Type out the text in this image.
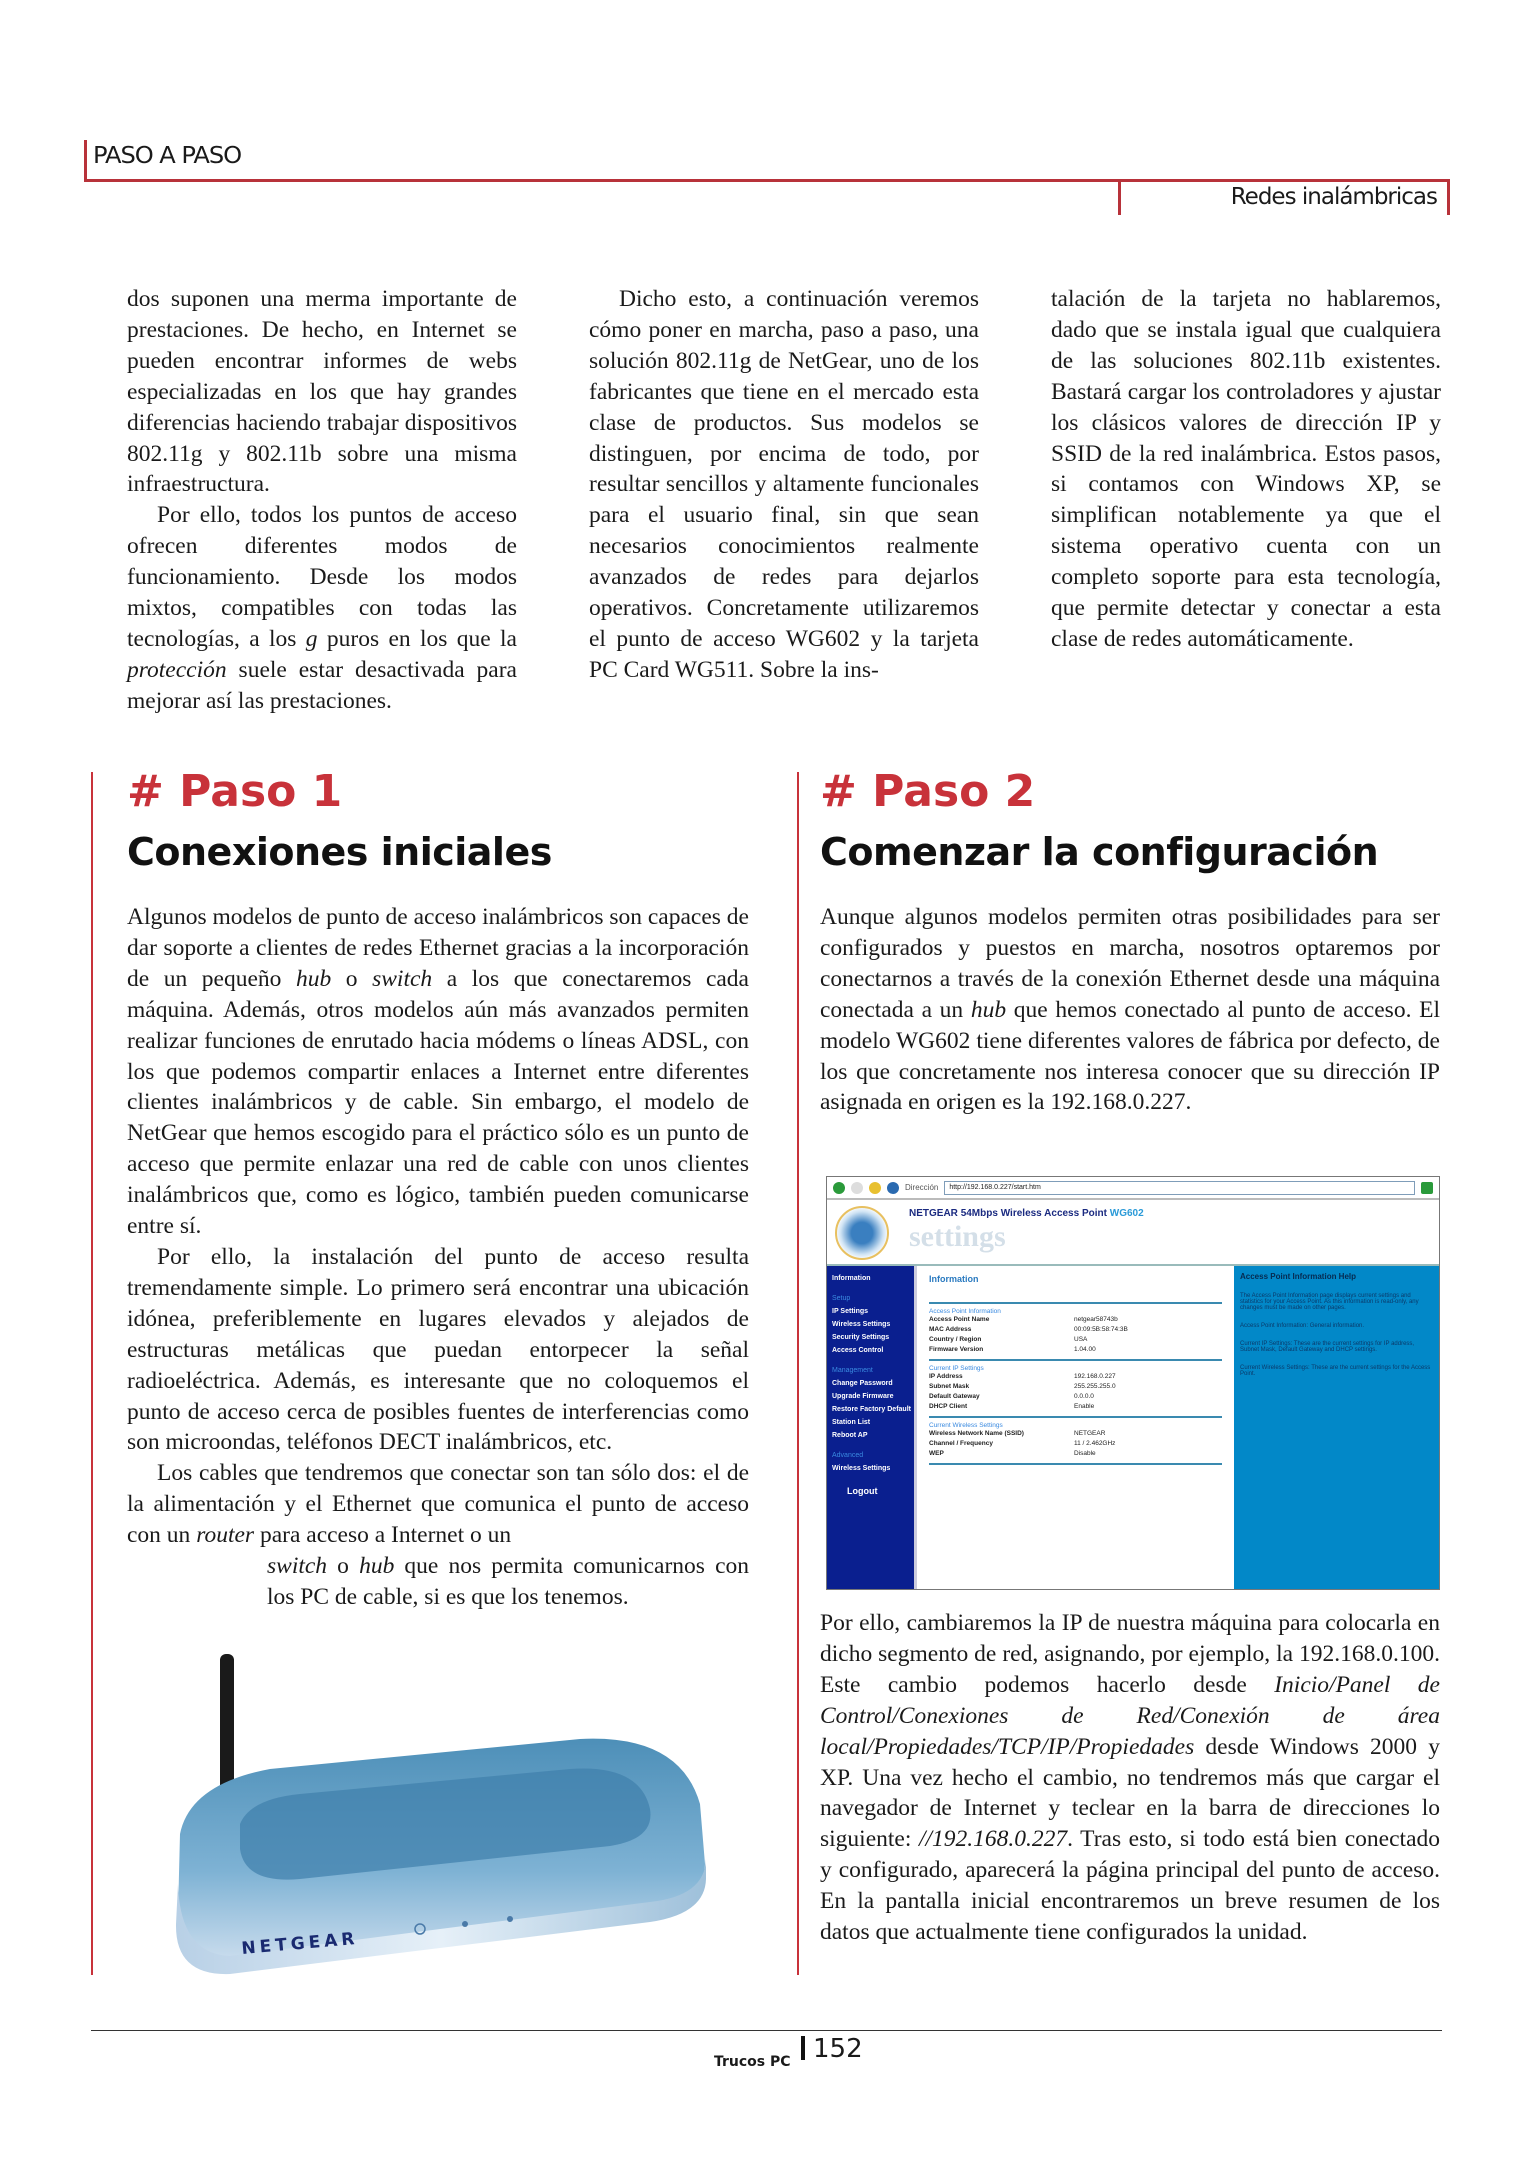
PASO A PASO
Redes inalámbricas

dos suponen una merma importante de prestaciones. De hecho, en Internet se pueden encontrar informes de webs especializadas en los que hay grandes diferencias haciendo trabajar dispositivos 802.11g y 802.11b sobre una misma infraestructura.

Por ello, todos los puntos de acceso ofrecen diferentes modos de funcionamiento. Desde los modos mixtos, compatibles con todas las tecnologías, a los g puros en los que la protección suele estar desactivada para mejorar así las prestaciones.

Dicho esto, a continuación veremos cómo poner en marcha, paso a paso, una solución 802.11g de NetGear, uno de los fabricantes que tiene en el mercado esta clase de productos. Sus modelos se distinguen, por encima de todo, por resultar sencillos y altamente funcionales para el usuario final, sin que sean necesarios conocimientos realmente avanzados de redes para dejarlos operativos. Concretamente utilizaremos el punto de acceso WG602 y la tarjeta PC Card WG511. Sobre la ins-

talación de la tarjeta no hablaremos, dado que se instala igual que cualquiera de las soluciones 802.11b existentes. Bastará cargar los controladores y ajustar los clásicos valores de dirección IP y SSID de la red inalámbrica. Estos pasos, si contamos con Windows XP, se simplifican notablemente ya que el sistema operativo cuenta con un completo soporte para esta tecnología, que permite detectar y conectar a esta clase de redes automáticamente.

# Paso 1
Conexiones iniciales

Algunos modelos de punto de acceso inalámbricos son capaces de dar soporte a clientes de redes Ethernet gracias a la incorporación de un pequeño hub o switch a los que conectaremos cada máquina. Además, otros modelos aún más avanzados permiten realizar funciones de enrutado hacia módems o líneas ADSL, con los que podemos compartir enlaces a Internet entre diferentes clientes inalámbricos y de cable. Sin embargo, el modelo de NetGear que hemos escogido para el práctico sólo es un punto de acceso que permite enlazar una red de cable con unos clientes inalámbricos que, como es lógico, también pueden comunicarse entre sí.

Por ello, la instalación del punto de acceso resulta tremendamente simple. Lo primero será encontrar una ubicación idónea, preferiblemente en lugares elevados y alejados de estructuras metálicas que puedan entorpecer la señal radioeléctrica. Además, es interesante que no coloquemos el punto de acceso cerca de posibles fuentes de interferencias como son microondas, teléfonos DECT inalámbricos, etc.

Los cables que tendremos que conectar son tan sólo dos: el de la alimentación y el Ethernet que comunica el punto de acceso con un router para acceso a Internet o un

switch o hub que nos permita comunicarnos con los PC de cable, si es que los tenemos.

NETGEAR
# Paso 2
Comenzar la configuración

Aunque algunos modelos permiten otras posibilidades para ser configurados y puestos en marcha, nosotros optaremos por conectarnos a través de la conexión Ethernet desde una máquina conectada a un hub que hemos conectado al punto de acceso. El modelo WG602 tiene diferentes valores de fábrica por defecto, de los que concretamente nos interesa conocer que su dirección IP asignada en origen es la 192.168.0.227.

Dirección	http://192.168.0.227/start.htm
NETGEAR 54Mbps Wireless Access Point WG602
settings
Information
Setup
IP Settings
Wireless Settings
Security Settings
Access Control
Management
Change Password
Upgrade Firmware
Restore Factory Default
Station List
Reboot AP
Advanced
Wireless Settings
Logout
Information
Access Point Information
Access Point Name	netgear58743b
MAC Address	00:09:5B:58:74:3B
Country / Region	USA
Firmware Version	1.04.00
Current IP Settings
IP Address	192.168.0.227
Subnet Mask	255.255.255.0
Default Gateway	0.0.0.0
DHCP Client	Enable
Current Wireless Settings
Wireless Network Name (SSID)	NETGEAR
Channel / Frequency	11 / 2.462GHz
WEP	Disable
Access Point Information Help

The Access Point Information page displays current settings and statistics for your Access Point. As this information is read-only, any changes must be made on other pages.

Access Point Information: General information.

Current IP Settings: These are the current settings for IP address, Subnet Mask, Default Gateway and DHCP settings.

Current Wireless Settings: These are the current settings for the Access Point.

Por ello, cambiaremos la IP de nuestra máquina para colocarla en dicho segmento de red, asignando, por ejemplo, la 192.168.0.100. Este cambio podemos hacerlo desde Inicio/Panel de Control/Conexiones de Red/Conexión de área local/Propiedades/TCP/IP/Propiedades desde Windows 2000 y XP. Una vez hecho el cambio, no tendremos más que cargar el navegador de Internet y teclear en la barra de direcciones lo siguiente: //192.168.0.227. Tras esto, si todo está bien conectado y configurado, aparecerá la página principal del punto de acceso. En la pantalla inicial encontraremos un breve resumen de los datos que actualmente tiene configurados la unidad.

Trucos PC 152
